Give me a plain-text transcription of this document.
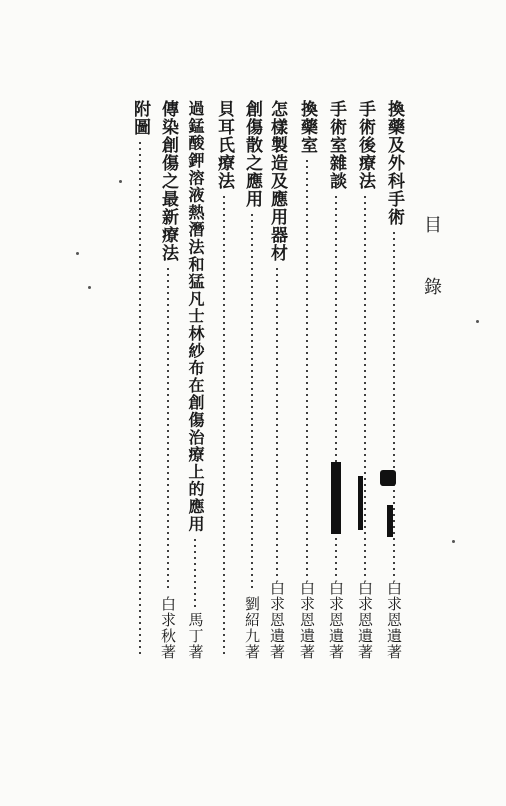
目錄
換藥及外科手術
白求恩遺著
手術後療法
白求恩遺著
手術室雜談
白求恩遺著
換藥室
白求恩遺著
怎樣製造及應用器材
白求恩遺著
創傷散之應用
劉紹九著
貝耳氏療法
過錳酸鉀溶液熱潛法和猛凡士林紗布在創傷治療上的應用
馬丁著
傳染創傷之最新療法
白求秋著
附圖
